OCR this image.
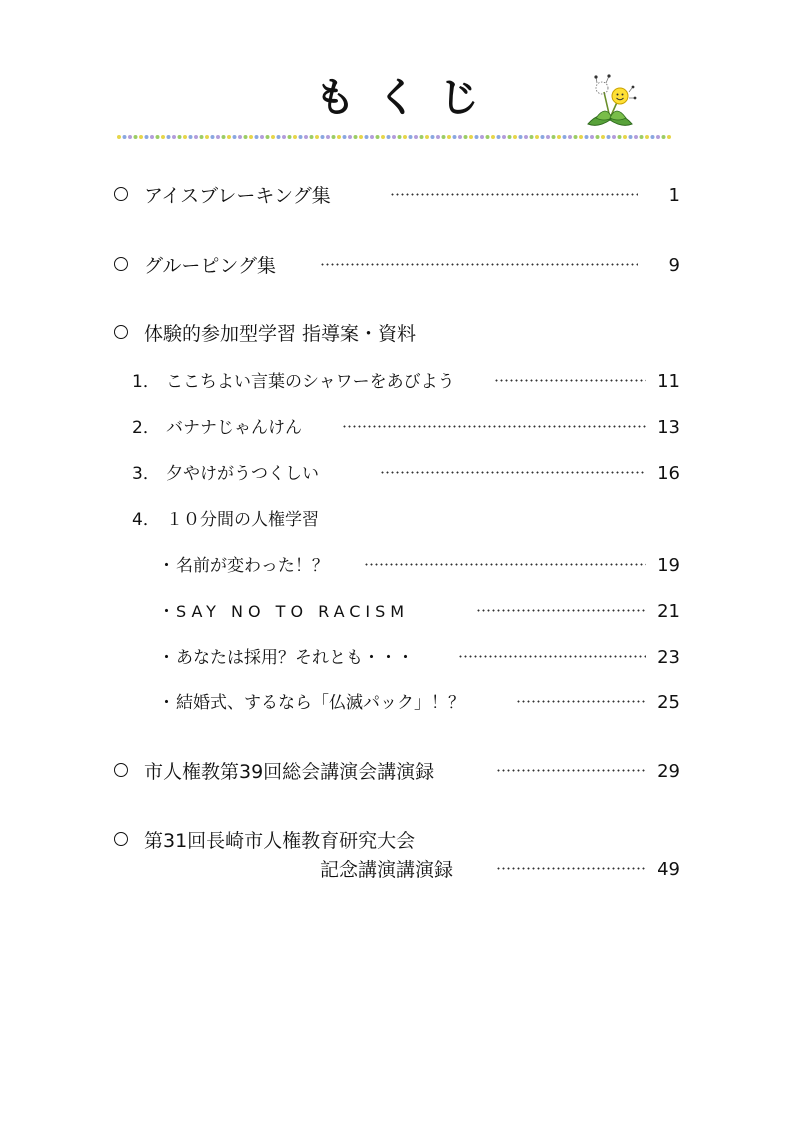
もくじ
アイスブレーキング集	1
グルーピング集	9
体験的参加型学習 指導案・資料
1． ここちよい言葉のシャワーをあびよう	11
2． バナナじゃんけん	13
3． 夕やけがうつくしい	16
4． １０分間の人権学習
・ 名前が変わった！？	19
・ SAY NO TO RACISM	21
・ あなたは採用？それとも・・・	23
・ 結婚式、するなら「仏滅パック」！？	25
市人権教第39回総会講演会講演録	29
第31回長崎市人権教育研究大会
記念講演講演録	49
